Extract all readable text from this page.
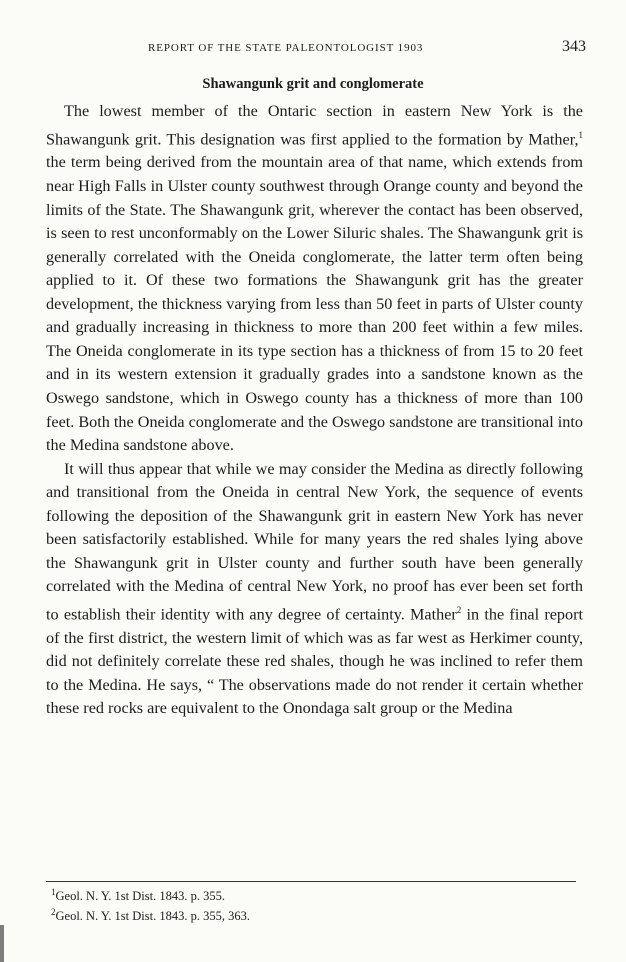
REPORT OF THE STATE PALEONTOLOGIST 1903	343
Shawangunk grit and conglomerate

The lowest member of the Ontaric section in eastern New York is the Shawangunk grit. This designation was first applied to the formation by Mather,$^1$ the term being derived from the mountain area of that name, which extends from near High Falls in Ulster county southwest through Orange county and beyond the limits of the State. The Shawangunk grit, wherever the contact has been observed, is seen to rest unconformably on the Lower Siluric shales. The Shawangunk grit is generally correlated with the Oneida conglomerate, the latter term often being applied to it. Of these two formations the Shawangunk grit has the greater development, the thickness varying from less than 50 feet in parts of Ulster county and gradually increasing in thickness to more than 200 feet within a few miles. The Oneida conglomerate in its type section has a thickness of from 15 to 20 feet and in its western extension it gradually grades into a sandstone known as the Oswego sandstone, which in Oswego county has a thickness of more than 100 feet. Both the Oneida conglomerate and the Oswego sandstone are transitional into the Medina sandstone above.

It will thus appear that while we may consider the Medina as directly following and transitional from the Oneida in central New York, the sequence of events following the deposition of the Shawangunk grit in eastern New York has never been satisfactorily established. While for many years the red shales lying above the Shawangunk grit in Ulster county and further south have been generally correlated with the Medina of central New York, no proof has ever been set forth to establish their identity with any degree of certainty. Mather$^2$ in the final report of the first district, the western limit of which was as far west as Herkimer county, did not definitely correlate these red shales, though he was inclined to refer them to the Medina. He says, “ The observations made do not render it certain whether these red rocks are equivalent to the Onondaga salt group or the Medina

$^1$Geol. N. Y. 1st Dist. 1843. p. 355.
$^2$Geol. N. Y. 1st Dist. 1843. p. 355, 363.
